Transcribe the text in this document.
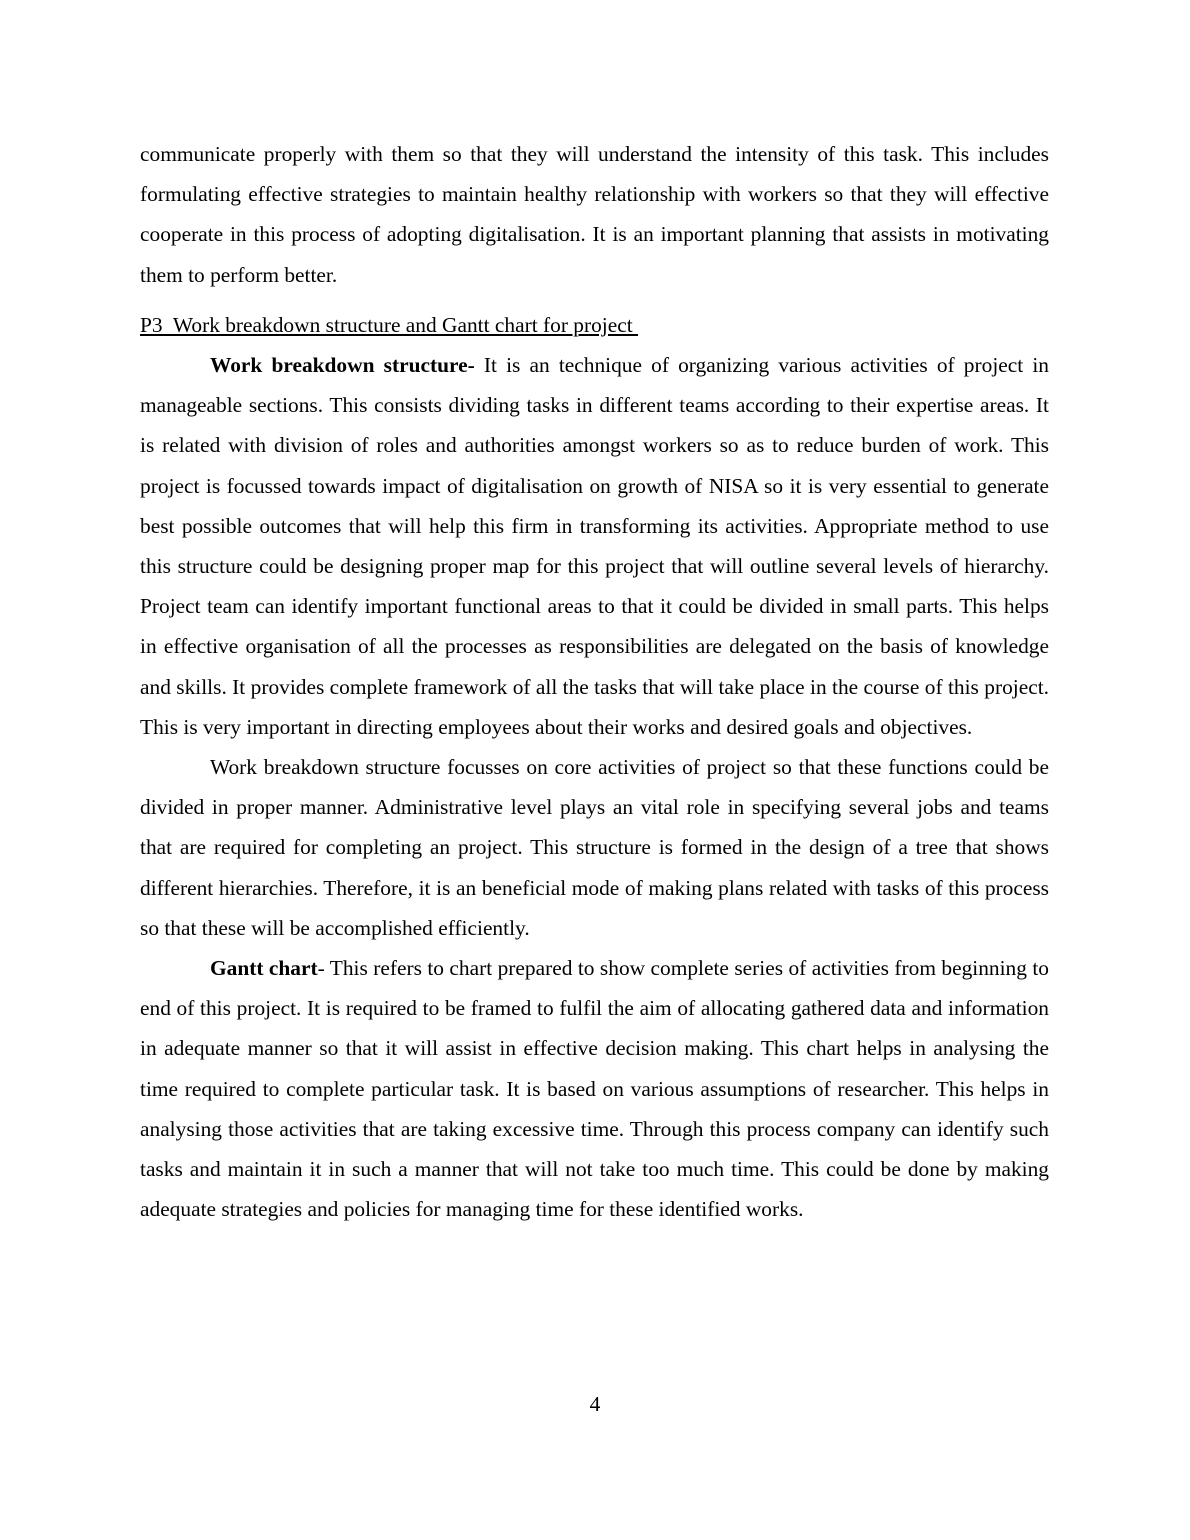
communicate properly with them so that they will understand the intensity of this task. This includes formulating effective strategies to maintain healthy relationship with workers so that they will effective cooperate in this process of adopting digitalisation. It is an important planning that assists in motivating them to perform better.

P3  Work breakdown structure and Gantt chart for project

Work breakdown structure- It is an technique of organizing various activities of project in manageable sections. This consists dividing tasks in different teams according to their expertise areas. It is related with division of roles and authorities amongst workers so as to reduce burden of work. This project is focussed towards impact of digitalisation on growth of NISA so it is very essential to generate best possible outcomes that will help this firm in transforming its activities. Appropriate method to use this structure could be designing proper map for this project that will outline several levels of hierarchy. Project team can identify important functional areas to that it could be divided in small parts. This helps in effective organisation of all the processes as responsibilities are delegated on the basis of knowledge and skills. It provides complete framework of all the tasks that will take place in the course of this project. This is very important in directing employees about their works and desired goals and objectives.

Work breakdown structure focusses on core activities of project so that these functions could be divided in proper manner. Administrative level plays an vital role in specifying several jobs and teams that are required for completing an project. This structure is formed in the design of a tree that shows different hierarchies. Therefore, it is an beneficial mode of making plans related with tasks of this process so that these will be accomplished efficiently.

Gantt chart- This refers to chart prepared to show complete series of activities from beginning to end of this project. It is required to be framed to fulfil the aim of allocating gathered data and information in adequate manner so that it will assist in effective decision making. This chart helps in analysing the time required to complete particular task. It is based on various assumptions of researcher. This helps in analysing those activities that are taking excessive time. Through this process company can identify such tasks and maintain it in such a manner that will not take too much time. This could be done by making adequate strategies and policies for managing time for these identified works.

4
